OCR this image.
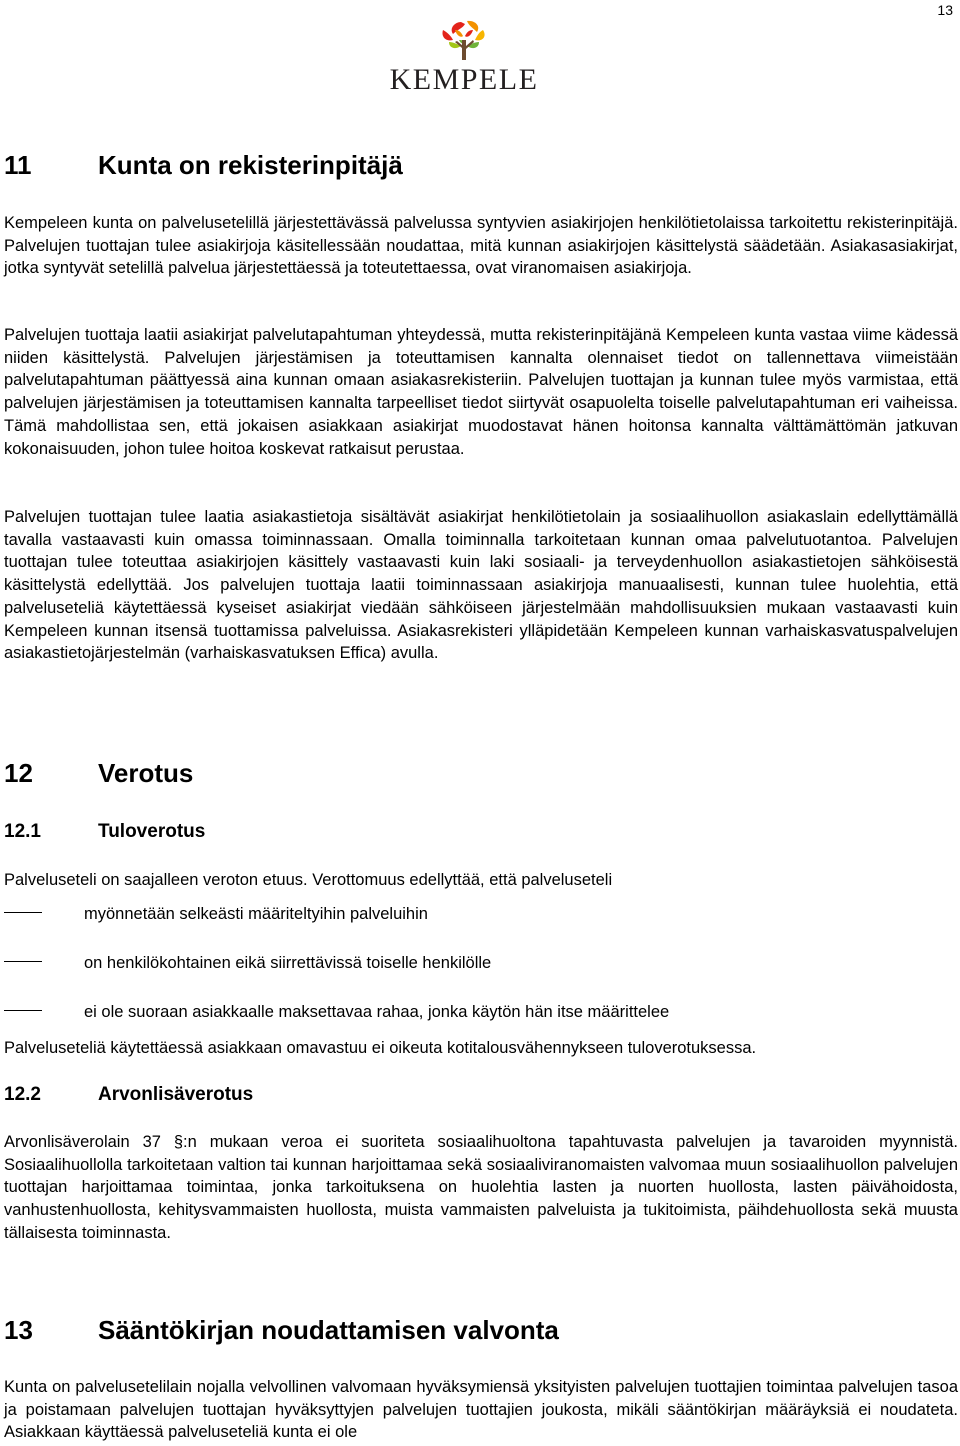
13
KEMPELE
11	Kunta on rekisterinpitäjä

Kempeleen kunta on palvelusetelillä järjestettävässä palvelussa syntyvien asiakirjojen henkilötietolaissa tarkoitettu rekisterinpitäjä. Palvelujen tuottajan tulee asiakirjoja käsitellessään noudattaa, mitä kunnan asiakirjojen käsittelystä säädetään. Asiakasasiakirjat, jotka syntyvät setelillä palvelua järjestettäessä ja toteutettaessa, ovat viranomaisen asiakirjoja.

Palvelujen tuottaja laatii asiakirjat palvelutapahtuman yhteydessä, mutta rekisterinpitäjänä Kempeleen kunta vastaa viime kädessä niiden käsittelystä. Palvelujen järjestämisen ja toteuttamisen kannalta olennaiset tiedot on tallennettava viimeistään palvelutapahtuman päättyessä aina kunnan omaan asiakasrekisteriin. Palvelujen tuottajan ja kunnan tulee myös varmistaa, että palvelujen järjestämisen ja toteuttamisen kannalta tarpeelliset tiedot siirtyvät osapuolelta toiselle palvelutapahtuman eri vaiheissa. Tämä mahdollistaa sen, että jokaisen asiakkaan asiakirjat muodostavat hänen hoitonsa kannalta välttämättömän jatkuvan kokonaisuuden, johon tulee hoitoa koskevat ratkaisut perustaa.

Palvelujen tuottajan tulee laatia asiakastietoja sisältävät asiakirjat henkilötietolain ja sosiaalihuollon asiakaslain edellyttämällä tavalla vastaavasti kuin omassa toiminnassaan. Omalla toiminnalla tarkoitetaan kunnan omaa palvelutuotantoa. Palvelujen tuottajan tulee toteuttaa asiakirjojen käsittely vastaavasti kuin laki sosiaali- ja terveydenhuollon asiakastietojen sähköisestä käsittelystä edellyttää. Jos palvelujen tuottaja laatii toiminnassaan asiakirjoja manuaalisesti, kunnan tulee huolehtia, että palveluseteliä käytettäessä kyseiset asiakirjat viedään sähköiseen järjestelmään mahdollisuuksien mukaan vastaavasti kuin Kempeleen kunnan itsensä tuottamissa palveluissa. Asiakasrekisteri ylläpidetään Kempeleen kunnan varhaiskasvatuspalvelujen asiakastietojärjestelmän (varhaiskasvatuksen Effica) avulla.

12	Verotus
12.1	Tuloverotus

Palveluseteli on saajalleen veroton etuus. Verottomuus edellyttää, että palveluseteli

myönnetään selkeästi määriteltyihin palveluihin
on henkilökohtainen eikä siirrettävissä toiselle henkilölle
ei ole suoraan asiakkaalle maksettavaa rahaa, jonka käytön hän itse määrittelee

Palveluseteliä käytettäessä asiakkaan omavastuu ei oikeuta kotitalousvähennykseen tuloverotuksessa.

12.2	Arvonlisäverotus

Arvonlisäverolain 37 §:n mukaan veroa ei suoriteta sosiaalihuoltona tapahtuvasta palvelujen ja tavaroiden myynnistä. Sosiaalihuollolla tarkoitetaan valtion tai kunnan harjoittamaa sekä sosiaaliviranomaisten valvomaa muun sosiaalihuollon palvelujen tuottajan harjoittamaa toimintaa, jonka tarkoituksena on huolehtia lasten ja nuorten huollosta, lasten päivähoidosta, vanhustenhuollosta, kehitysvammaisten huollosta, muista vammaisten palveluista ja tukitoimista, päihdehuollosta sekä muusta tällaisesta toiminnasta.

13	Sääntökirjan noudattamisen valvonta

Kunta on palvelusetelilain nojalla velvollinen valvomaan hyväksymiensä yksityisten palvelujen tuottajien toimintaa palvelujen tasoa ja poistamaan palvelujen tuottajan hyväksyttyjen palvelujen tuottajien joukosta, mikäli sääntökirjan määräyksiä ei noudateta. Asiakkaan käyttäessä palveluseteliä kunta ei ole
